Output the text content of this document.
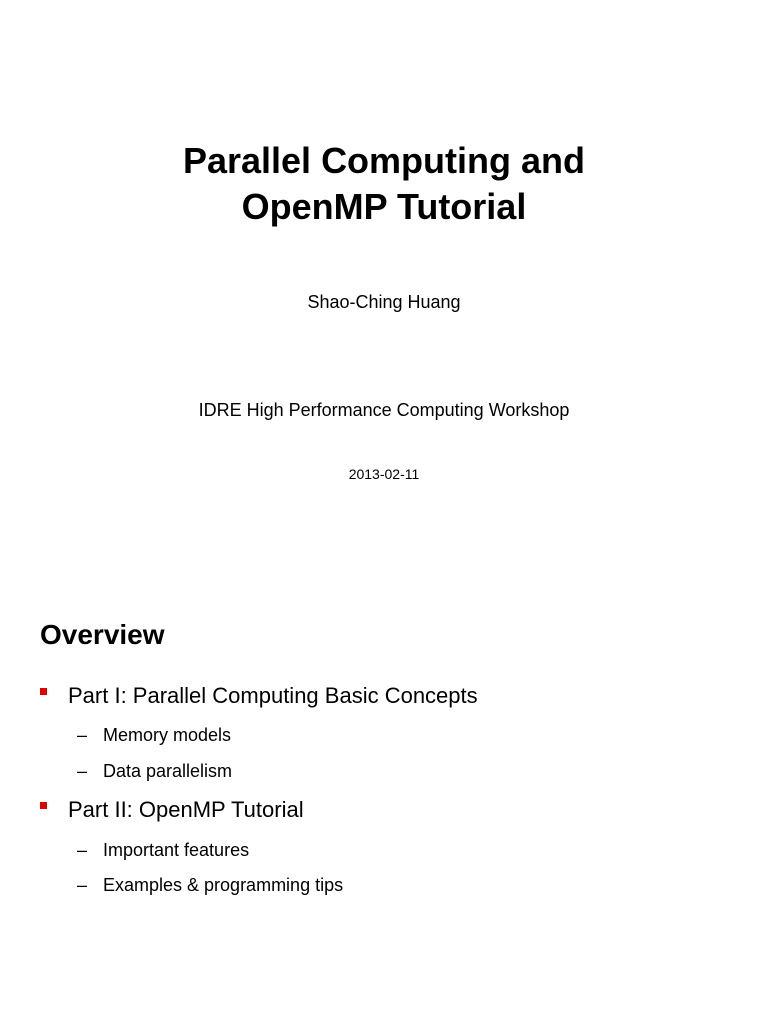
Parallel Computing and
OpenMP Tutorial
Shao-Ching Huang
IDRE High Performance Computing Workshop
2013-02-11
Overview
Part I: Parallel Computing Basic Concepts
– Memory models
– Data parallelism
Part II: OpenMP Tutorial
– Important features
– Examples & programming tips
